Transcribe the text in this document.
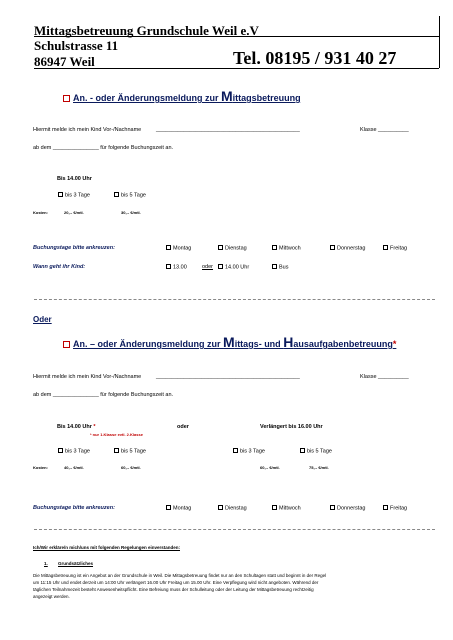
Mittagsbetreuung Grundschule Weil e.V
Schulstrasse 11
86947 Weil	Tel. 08195 / 931 40 27
An. - oder Änderungsmeldung zur Mittagsbetreuung
Hiermit melde ich mein Kind Vor-/Nachname	_______________________________________________	Klasse __________
ab dem _______________ für folgende Buchungszeit an.
Bis 14.00 Uhr
bis 3 Tage	bis 5 Tage
Kosten:	20,-- €/mtl.	30,-- €/mtl.
Buchungstage bitte ankreuzen:	Montag	Dienstag	Mittwoch	Donnerstag	Freitag
Wann geht ihr Kind:	13.00	oder	14.00 Uhr	Bus
Oder
An. – oder Änderungsmeldung zur Mittags- und Hausaufgabenbetreuung*
Hiermit melde ich mein Kind Vor-/Nachname	_______________________________________________	Klasse __________
ab dem _______________ für folgende Buchungszeit an.
Bis 14.00 Uhr *
* nur 1.Klasse evtl. 2.Klasse
oder	Verlängert bis 16.00 Uhr
bis 3 Tage	bis 5 Tage	bis 3 Tage	bis 5 Tage
Kosten:	40,-- €/mtl.	60,-- €/mtl.	60,-- €/mtl.	75,-- €/mtl.
Buchungstage bitte ankreuzen:	Montag	Dienstag	Mittwoch	Donnerstag	Freitag
Ich/Wir erkläre/n mich/uns mit folgenden Regelungen einverstanden:
1. Grundsätzliches
Die Mittagsbetreuung ist ein Angebot an der Grundschule in Weil. Die Mittagsbetreuung findet nur an den Schultagen statt und beginnt in der Regel
um 11:15 Uhr und endet derzeit um 14:00 Uhr verlängert 16.00 Uhr Freitag um 15.00 Uhr. Eine Verpflegung wird nicht angeboten. Während der
täglichen Teilnahmezeit besteht Anwesenheitspflicht. Eine Befreiung muss der Schulleitung oder der Leitung der Mittagsbetreuung rechtzeitig
angezeigt werden.
